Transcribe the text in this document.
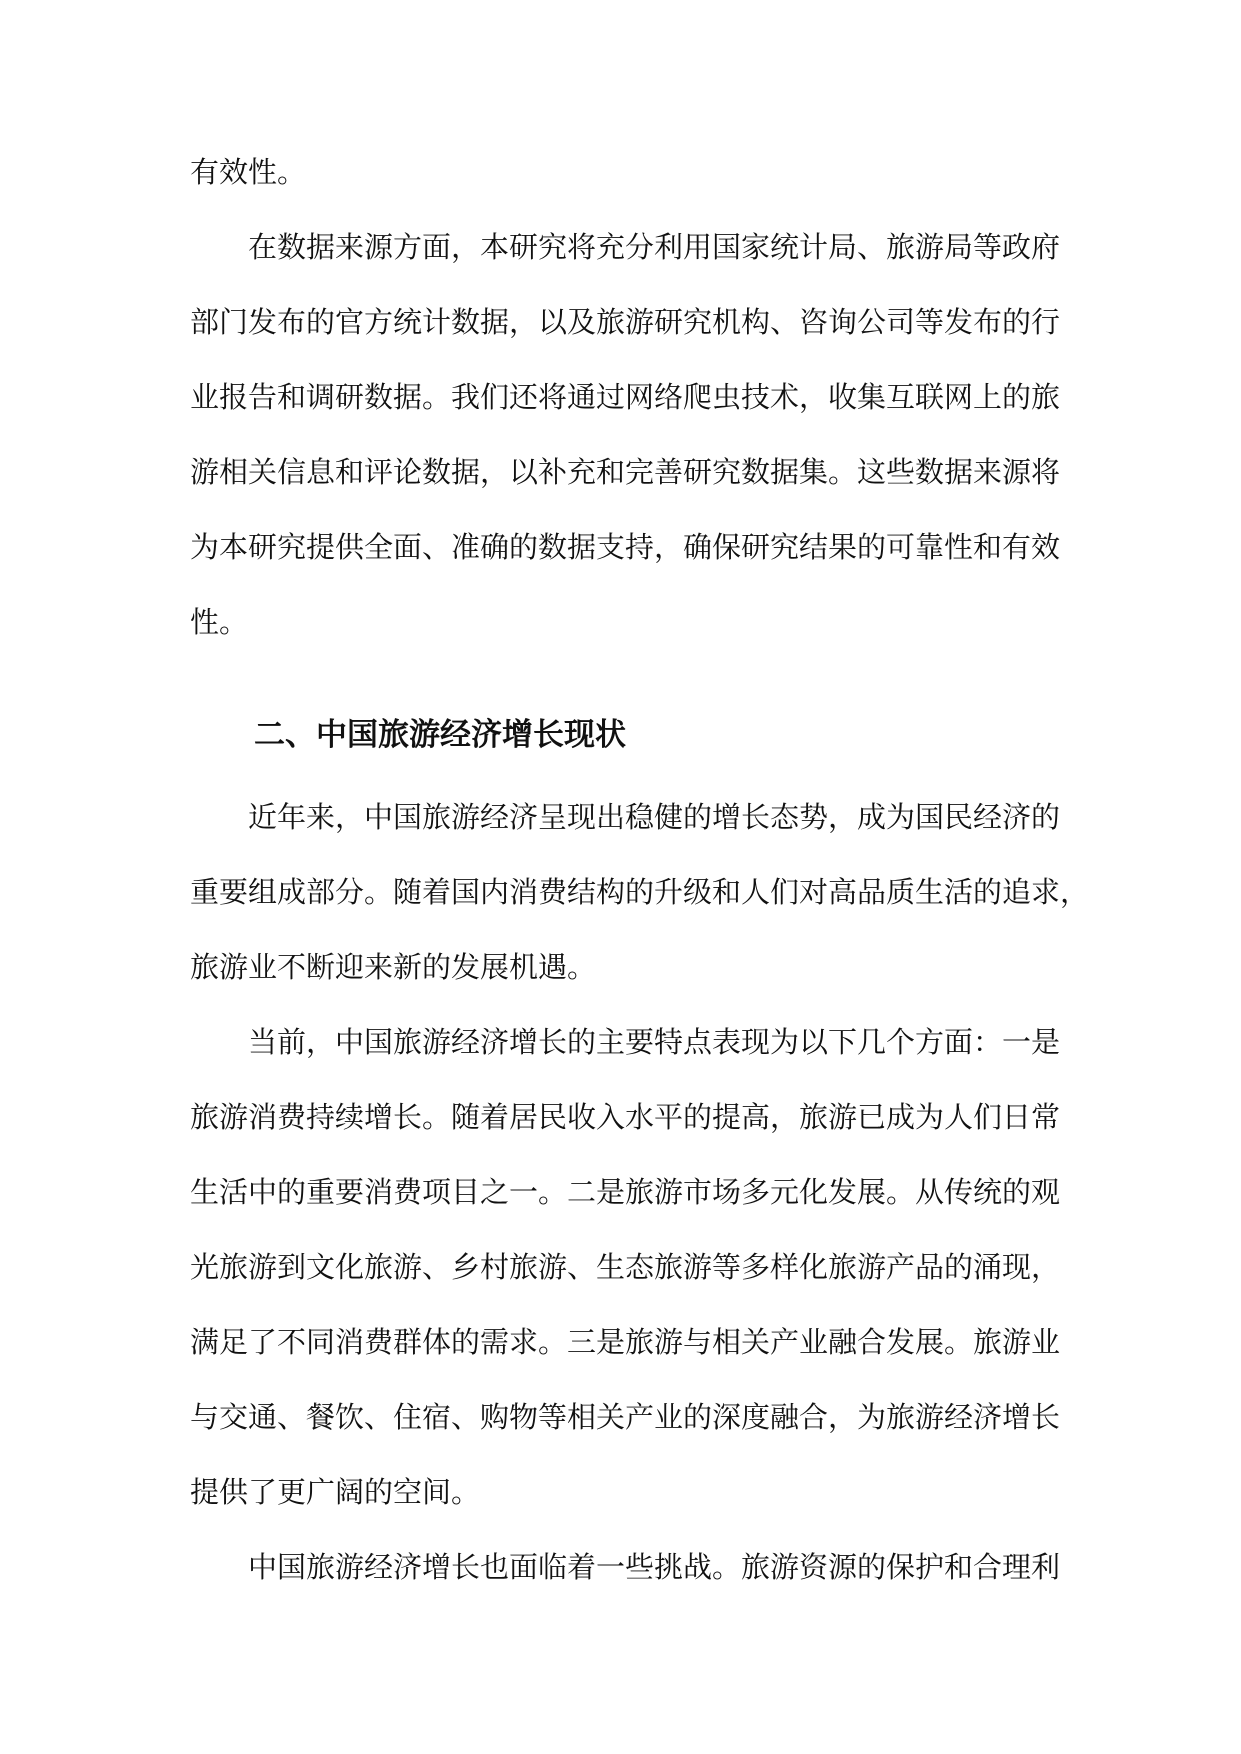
有效性。
在数据来源方面，本研究将充分利用国家统计局、旅游局等政府
部门发布的官方统计数据，以及旅游研究机构、咨询公司等发布的行
业报告和调研数据。我们还将通过网络爬虫技术，收集互联网上的旅
游相关信息和评论数据，以补充和完善研究数据集。这些数据来源将
为本研究提供全面、准确的数据支持，确保研究结果的可靠性和有效
性。
二、中国旅游经济增长现状
近年来，中国旅游经济呈现出稳健的增长态势，成为国民经济的
重要组成部分。随着国内消费结构的升级和人们对高品质生活的追求，
旅游业不断迎来新的发展机遇。
当前，中国旅游经济增长的主要特点表现为以下几个方面：一是
旅游消费持续增长。随着居民收入水平的提高，旅游已成为人们日常
生活中的重要消费项目之一。二是旅游市场多元化发展。从传统的观
光旅游到文化旅游、乡村旅游、生态旅游等多样化旅游产品的涌现，
满足了不同消费群体的需求。三是旅游与相关产业融合发展。旅游业
与交通、餐饮、住宿、购物等相关产业的深度融合，为旅游经济增长
提供了更广阔的空间。
中国旅游经济增长也面临着一些挑战。旅游资源的保护和合理利
